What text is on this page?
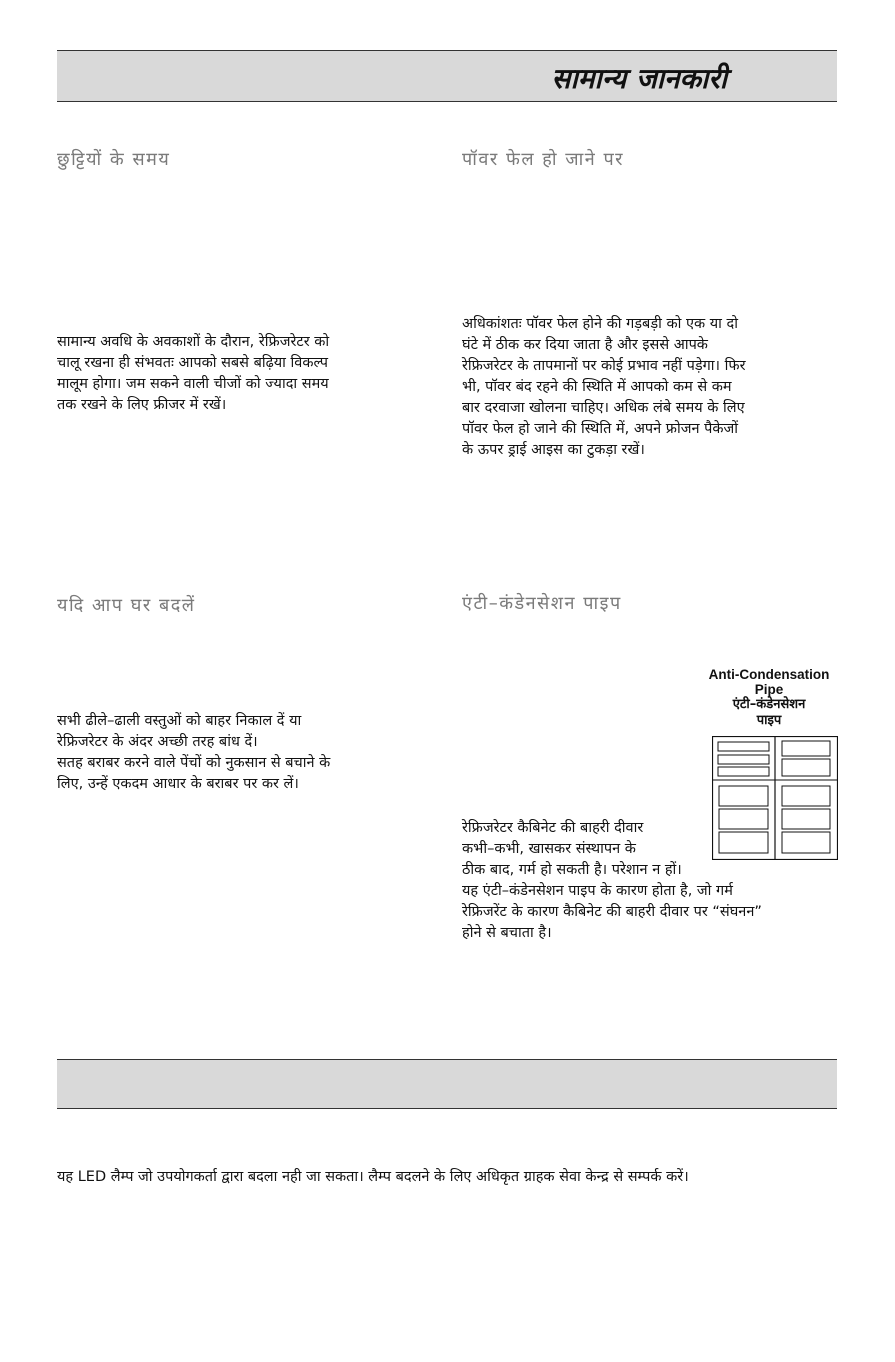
सामान्य जानकारी
छुट्टियों के समय
सामान्य अवधि के अवकाशों के दौरान, रेफ्रिजरेटर को
चालू रखना ही संभवतः आपको सबसे बढ़िया विकल्प
मालूम होगा। जम सकने वाली चीजों को ज्यादा समय
तक रखने के लिए फ्रीजर में रखें।
पॉवर फेल हो जाने पर
अधिकांशतः पॉवर फेल होने की गड़बड़ी को एक या दो
घंटे में ठीक कर दिया जाता है और इससे आपके
रेफ्रिजरेटर के तापमानों पर कोई प्रभाव नहीं पड़ेगा। फिर
भी, पॉवर बंद रहने की स्थिति में आपको कम से कम
बार दरवाजा खोलना चाहिए। अधिक लंबे समय के लिए
पॉवर फेल हो जाने की स्थिति में, अपने फ्रोजन पैकेजों
के ऊपर ड्राई आइस का टुकड़ा रखें।
यदि आप घर बदलें
सभी ढीले–ढाली वस्तुओं को बाहर निकाल दें या
रेफ्रिजरेटर के अंदर अच्छी तरह बांध दें।
सतह बराबर करने वाले पेंचों को नुकसान से बचाने के
लिए, उन्हें एकदम आधार के बराबर पर कर लें।
एंटी–कंडेनसेशन पाइप
Anti-Condensation
Pipe
एंटी–कंडेनसेशन
पाइप
रेफ्रिजरेटर कैबिनेट की बाहरी दीवार
कभी–कभी, खासकर संस्थापन के
ठीक बाद, गर्म हो सकती है। परेशान न हों।
यह एंटी–कंडेनसेशन पाइप के कारण होता है, जो गर्म
रेफ्रिजरेंट के कारण कैबिनेट की बाहरी दीवार पर “संघनन”
होने से बचाता है।
यह LED लैम्प जो उपयोगकर्ता द्वारा बदला नही जा सकता। लैम्प बदलने के लिए अधिकृत ग्राहक सेवा केन्द्र से सम्पर्क करें।
